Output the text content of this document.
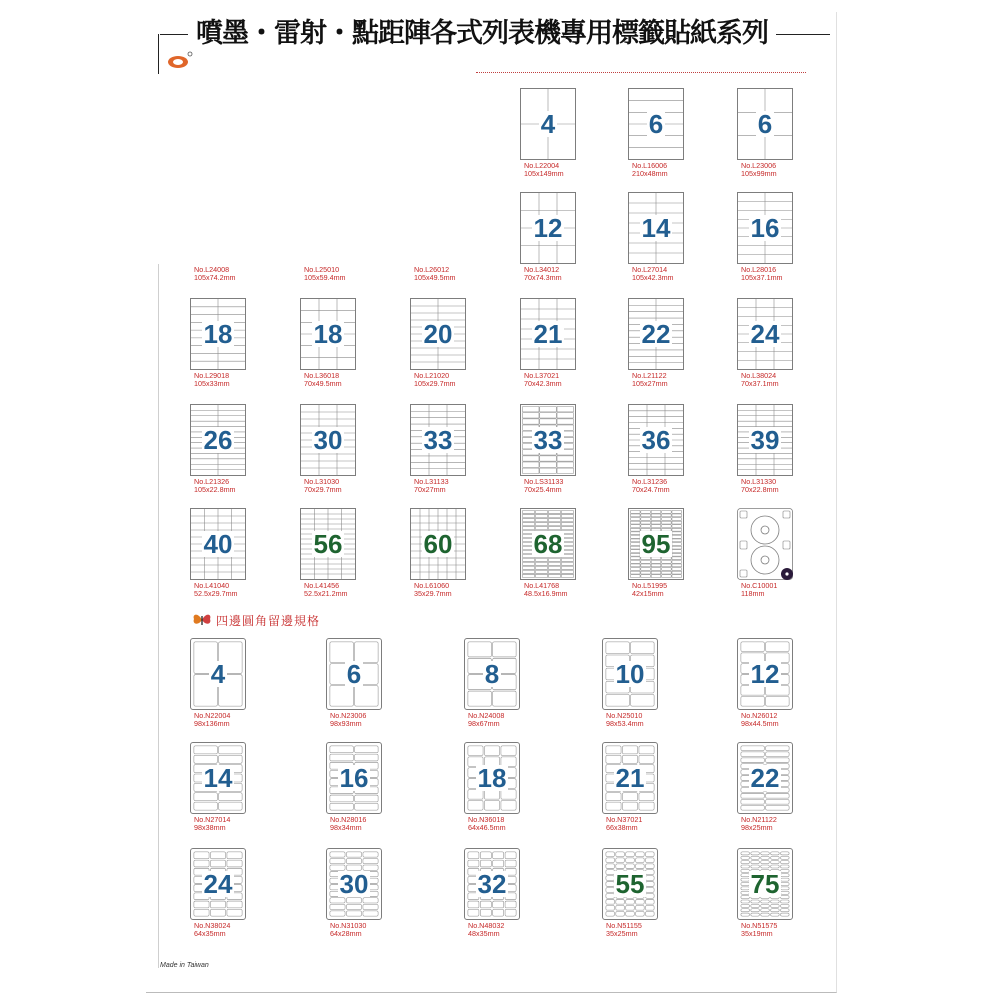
噴墨・雷射・點距陣各式列表機專用標籤貼紙系列
4
No.L22004
105x149mm
6
No.L16006
210x48mm
6
No.L23006
105x99mm
12
No.L34012
70x74.3mm
14
No.L27014
105x42.3mm
16
No.L28016
105x37.1mm
No.L24008
105x74.2mm
No.L25010
105x59.4mm
No.L26012
105x49.5mm
18
No.L29018
105x33mm
18
No.L36018
70x49.5mm
20
No.L21020
105x29.7mm
21
No.L37021
70x42.3mm
22
No.L21122
105x27mm
24
No.L38024
70x37.1mm
26
No.L21326
105x22.8mm
30
No.L31030
70x29.7mm
33
No.L31133
70x27mm
33
No.LS31133
70x25.4mm
36
No.L31236
70x24.7mm
39
No.L31330
70x22.8mm
40
No.L41040
52.5x29.7mm
56
No.L41456
52.5x21.2mm
60
No.L61060
35x29.7mm
68
No.L41768
48.5x16.9mm
95
No.L51995
42x15mm
No.C10001
118mm
四邊圓角留邊規格
4
No.N22004
98x136mm
6
No.N23006
98x93mm
8
No.N24008
98x67mm
10
No.N25010
98x53.4mm
12
No.N26012
98x44.5mm
14
No.N27014
98x38mm
16
No.N28016
98x34mm
18
No.N36018
64x46.5mm
21
No.N37021
66x38mm
22
No.N21122
98x25mm
24
No.N38024
64x35mm
30
No.N31030
64x28mm
32
No.N48032
48x35mm
55
No.N51155
35x25mm
75
No.N51575
35x19mm
Made in Taiwan
